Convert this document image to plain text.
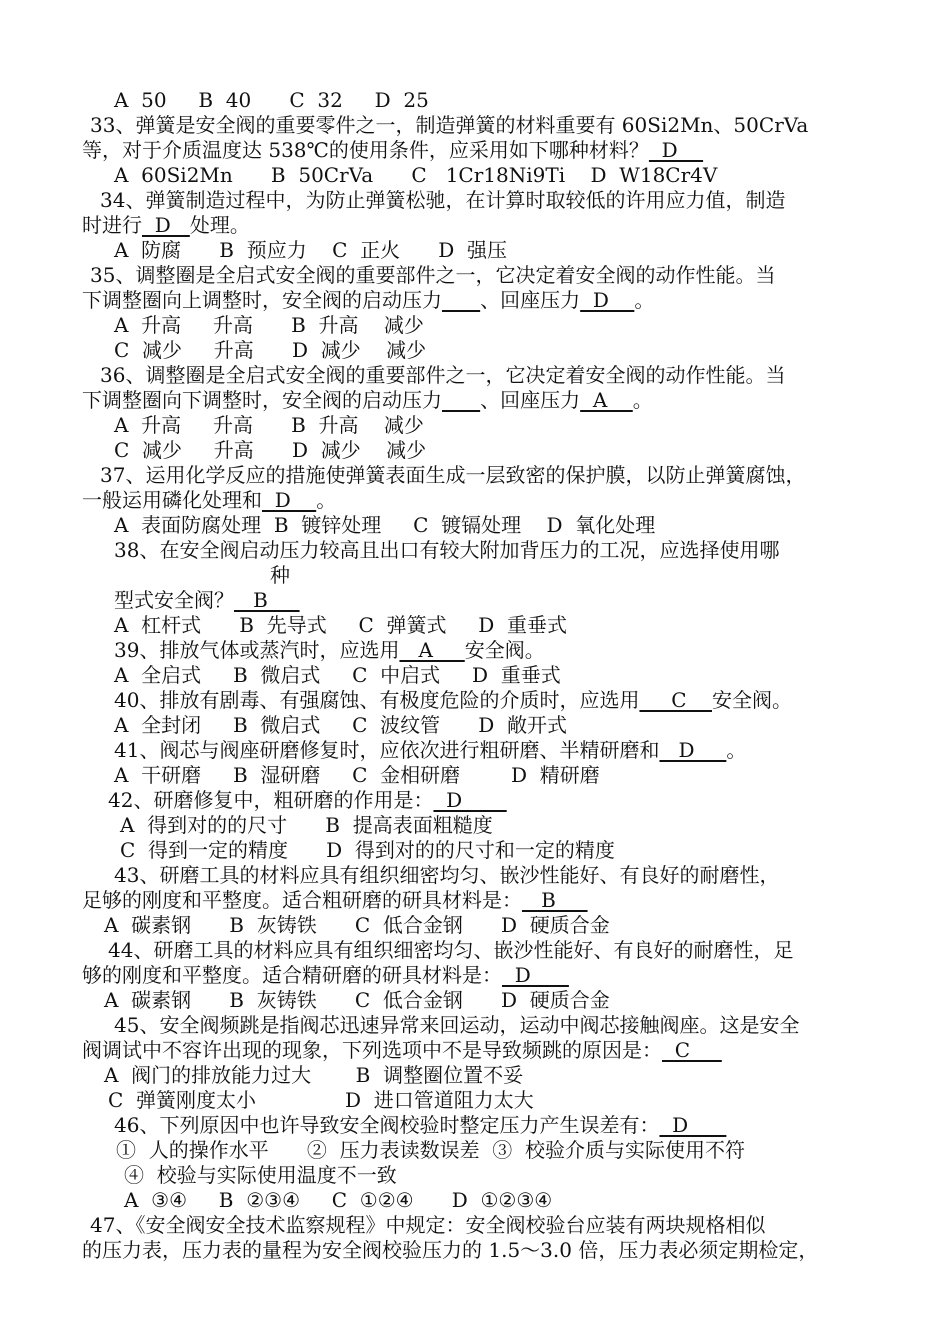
A  50     B  40      C  32     D  25
33、弹簧是安全阀的重要零件之一，制造弹簧的材料重要有 60Si2Mn、50CrVa
等，对于介质温度达 538℃的使用条件，应采用如下哪种材料？  D
A  60Si2Mn      B  50CrVa      C   1Cr18Ni9Ti    D  W18Cr4V
34、弹簧制造过程中，为防止弹簧松驰，在计算时取较低的许用应力值，制造
时进行  D   处理。
A  防腐      B  预应力    C  正火      D  强压
35、调整圈是全启式安全阀的重要部件之一，它决定着安全阀的动作性能。当
下调整圈向上调整时，安全阀的启动压力 、回座压力  D    。
A  升高     升高      B  升高    减少
C  减少     升高      D  减少    减少
36、调整圈是全启式安全阀的重要部件之一，它决定着安全阀的动作性能。当
下调整圈向下调整时，安全阀的启动压力 、回座压力  A    。
A  升高     升高      B  升高    减少
C  减少     升高      D  减少    减少
37、运用化学反应的措施使弹簧表面生成一层致密的保护膜，以防止弹簧腐蚀，
一般运用磷化处理和  D    。
A  表面防腐处理  B  镀锌处理     C  镀镉处理    D  氧化处理
38、在安全阀启动压力较高且出口有较大附加背压力的工况，应选择使用哪
种
型式安全阀？   B
A  杠杆式      B  先导式     C  弹簧式     D  重垂式
39、排放气体或蒸汽时，应选用   A     安全阀。
A  全启式     B  微启式     C  中启式     D  重垂式
40、排放有剧毒、有强腐蚀、有极度危险的介质时，应选用     C    安全阀。
A  全封闭     B  微启式     C  波纹管      D  敞开式
41、阀芯与阀座研磨修复时，应依次进行粗研磨、半精研磨和   D     。
A  干研磨     B  湿研磨     C  金相研磨        D  精研磨
42、研磨修复中，粗研磨的作用是：  D
A  得到对的的尺寸      B  提高表面粗糙度
C  得到一定的精度      D  得到对的的尺寸和一定的精度
43、研磨工具的材料应具有组织细密均匀、嵌沙性能好、有良好的耐磨性，
足够的刚度和平整度。适合粗研磨的研具材料是：   B
A  碳素钢      B  灰铸铁      C  低合金钢      D  硬质合金
44、研磨工具的材料应具有组织细密均匀、嵌沙性能好、有良好的耐磨性，足
够的刚度和平整度。适合精研磨的研具材料是：  D
A  碳素钢      B  灰铸铁      C  低合金钢      D  硬质合金
45、安全阀频跳是指阀芯迅速异常来回运动，运动中阀芯接触阀座。这是安全
阀调试中不容许出现的现象，下列选项中不是导致频跳的原因是：  C
A  阀门的排放能力过大       B  调整圈位置不妥
C  弹簧刚度太小              D  进口管道阻力太大
46、下列原因中也许导致安全阀校验时整定压力产生误差有：  D
①  人的操作水平      ②  压力表读数误差  ③  校验介质与实际使用不符
④  校验与实际使用温度不一致
A  ③④     B  ②③④     C  ①②④      D  ①②③④
47、《安全阀安全技术监察规程》中规定：安全阀校验台应装有两块规格相似
的压力表，压力表的量程为安全阀校验压力的 1.5～3.0 倍，压力表必须定期检定，
